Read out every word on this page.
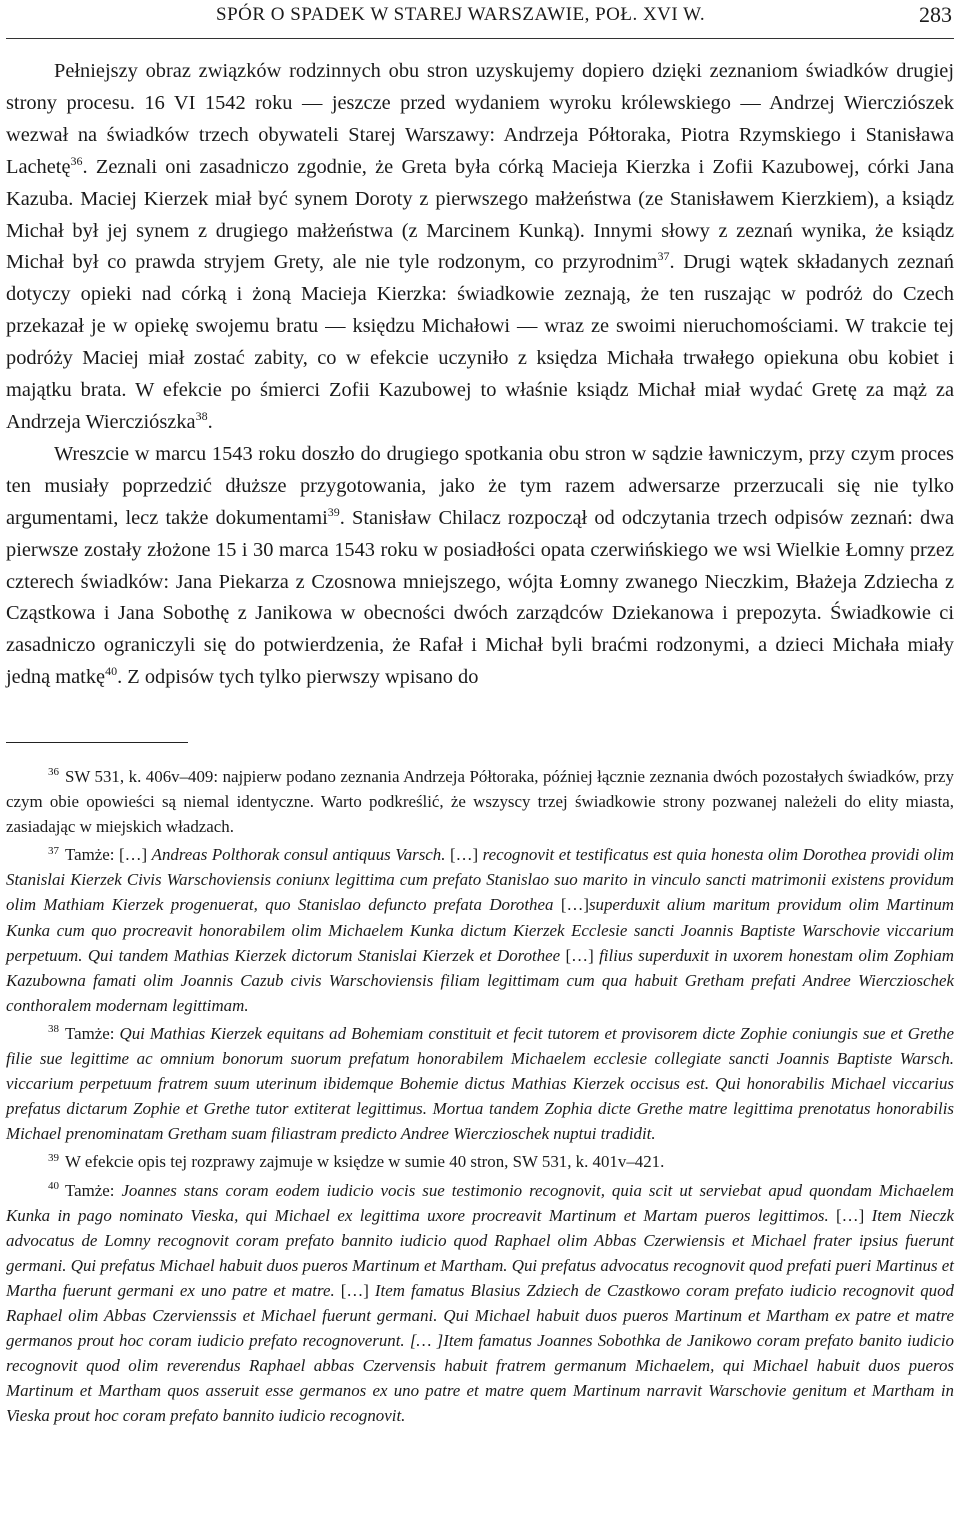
SPÓR O SPADEK W STAREJ WARSZAWIE, POŁ. XVI W.	283

Pełniejszy obraz związków rodzinnych obu stron uzyskujemy dopiero dzięki zeznaniom świadków drugiej strony procesu. 16 VI 1542 roku — jeszcze przed wydaniem wyroku królewskiego — Andrzej Wiercziószek wezwał na świadków trzech obywateli Starej Warszawy: Andrzeja Półtoraka, Piotra Rzymskiego i Stanisława Lachetę$^{36}$. Zeznali oni zasadniczo zgodnie, że Greta była córką Macieja Kierzka i Zofii Kazubowej, córki Jana Kazuba. Maciej Kierzek miał być synem Doroty z pierwszego małżeństwa (ze Stanisławem Kierzkiem), a ksiądz Michał był jej synem z drugiego małżeństwa (z Marcinem Kunką). Innymi słowy z zeznań wynika, że ksiądz Michał był co prawda stryjem Grety, ale nie tyle rodzonym, co przyrodnim$^{37}$. Drugi wątek składanych zeznań dotyczy opieki nad córką i żoną Macieja Kierzka: świadkowie zeznają, że ten ruszając w podróż do Czech przekazał je w opiekę swojemu bratu — księdzu Michałowi — wraz ze swoimi nieruchomościami. W trakcie tej podróży Maciej miał zostać zabity, co w efekcie uczyniło z księdza Michała trwałego opiekuna obu kobiet i majątku brata. W efekcie po śmierci Zofii Kazubowej to właśnie ksiądz Michał miał wydać Gretę za mąż za Andrzeja Wiercziószka$^{38}$.

Wreszcie w marcu 1543 roku doszło do drugiego spotkania obu stron w sądzie ławniczym, przy czym proces ten musiały poprzedzić dłuższe przygotowania, jako że tym razem adwersarze przerzucali się nie tylko argumentami, lecz także dokumentami$^{39}$. Stanisław Chilacz rozpoczął od odczytania trzech odpisów zeznań: dwa pierwsze zostały złożone 15 i 30 marca 1543 roku w posiadłości opata czerwińskiego we wsi Wielkie Łomny przez czterech świadków: Jana Piekarza z Czosnowa mniejszego, wójta Łomny zwanego Nieczkim, Błażeja Zdziecha z Cząstkowa i Jana Sobothę z Janikowa w obecności dwóch zarządców Dziekanowa i prepozyta. Świadkowie ci zasadniczo ograniczyli się do potwierdzenia, że Rafał i Michał byli braćmi rodzonymi, a dzieci Michała miały jedną matkę$^{40}$. Z odpisów tych tylko pierwszy wpisano do

$^{36}$ SW 531, k. 406v–409: najpierw podano zeznania Andrzeja Półtoraka, później łącznie zeznania dwóch pozostałych świadków, przy czym obie opowieści są niemal identyczne. Warto podkreślić, że wszyscy trzej świadkowie strony pozwanej należeli do elity miasta, zasiadając w miejskich władzach.

$^{37}$ Tamże: […] Andreas Polthorak consul antiquus Varsch. […] recognovit et testificatus est quia honesta olim Dorothea providi olim Stanislai Kierzek Civis Warschoviensis coniunx legittima cum prefato Stanislao suo marito in vinculo sancti matrimonii existens providum olim Mathiam Kierzek progenuerat, quo Stanislao defuncto prefata Dorothea […]superduxit alium maritum providum olim Martinum Kunka cum quo procreavit honorabilem olim Michaelem Kunka dictum Kierzek Ecclesie sancti Joannis Baptiste Warschovie viccarium perpetuum. Qui tandem Mathias Kierzek dictorum Stanislai Kierzek et Dorothee […] filius superduxit in uxorem honestam olim Zophiam Kazubowna famati olim Joannis Cazub civis Warschoviensis filiam legittimam cum qua habuit Gretham prefati Andree Wiercziosсhek conthoralem modernam legittimam.

$^{38}$ Tamże: Qui Mathias Kierzek equitans ad Bohemiam constituit et fecit tutorem et provisorem dicte Zophie coniungis sue et Grethe filie sue legittime ac omnium bonorum suorum prefatum honorabilem Michaelem ecclesie collegiate sancti Joannis Baptiste Warsch. viccarium perpetuum fratrem suum uterinum ibidemque Bohemie dictus Mathias Kierzek occisus est. Qui honorabilis Michael viccarius prefatus dictarum Zophie et Grethe tutor extiterat legittimus. Mortua tandem Zophia dicte Grethe matre legittima prenotatus honorabilis Michael prenominatam Gretham suam filiastram predicto Andree Wiercziosсhek nuptui tradidit.

$^{39}$ W efekcie opis tej rozprawy zajmuje w księdze w sumie 40 stron, SW 531, k. 401v–421.

$^{40}$ Tamże: Joannes stans coram eodem iudicio vocis sue testimonio recognovit, quia scit ut serviebat apud quondam Michaelem Kunka in pago nominato Vieska, qui Michael ex legittima uxore procreavit Martinum et Martam pueros legittimos. […] Item Nieczk advocatus de Lomny recognovit coram prefato bannito iudicio quod Raphael olim Abbas Czerwiensis et Michael frater ipsius fuerunt germani. Qui prefatus Michael habuit duos pueros Martinum et Martham. Qui prefatus advocatus recognovit quod prefati pueri Martinus et Martha fuerunt germani ex uno patre et matre. […] Item famatus Blasius Zdziech de Czastkowo coram prefato iudicio recognovit quod Raphael olim Abbas Czervienssis et Michael fuerunt germani. Qui Michael habuit duos pueros Martinum et Martham ex patre et matre germanos prout hoc coram iudicio prefato recognoverunt. [… ]Item famatus Joannes Sobothka de Janikowo coram prefato banito iudicio recognovit quod olim reverendus Raphael abbas Czervensis habuit fratrem germanum Michaelem, qui Michael habuit duos pueros Martinum et Martham quos asseruit esse germanos ex uno patre et matre quem Martinum narravit Warschovie genitum et Martham in Vieska prout hoc coram prefato bannito iudicio recognovit.
